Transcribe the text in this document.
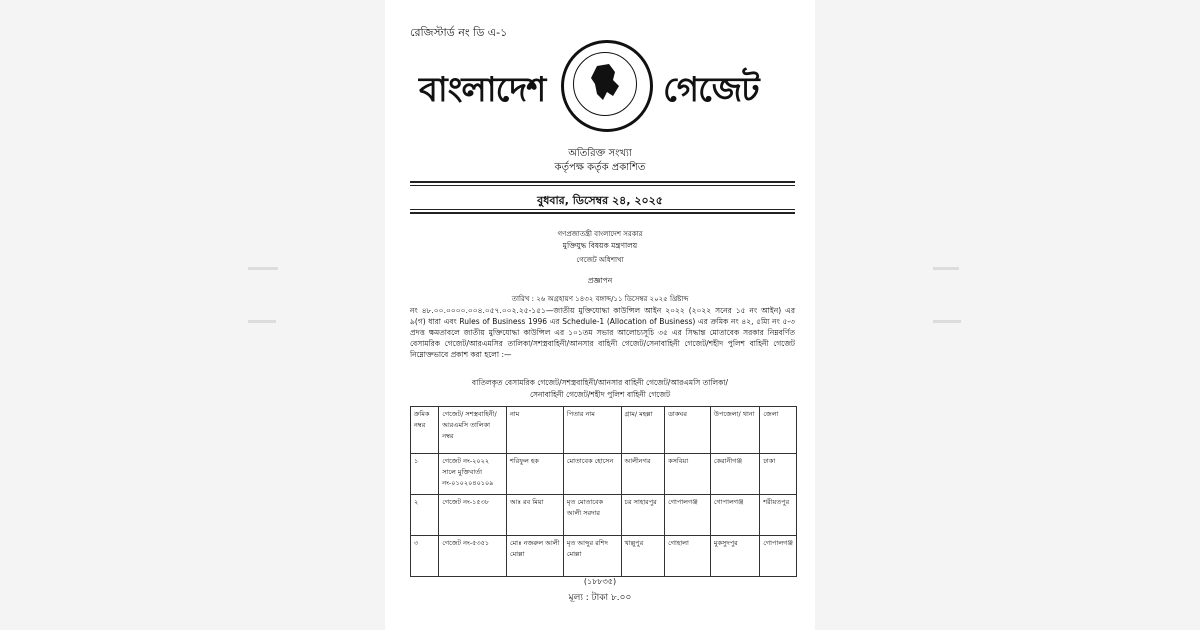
রেজিস্টার্ড নং ডি এ-১
বাংলাদেশ	গেজেট
অতিরিক্ত সংখ্যা
কর্তৃপক্ষ কর্তৃক প্রকাশিত
বুধবার, ডিসেম্বর ২৪, ২০২৫
গণপ্রজাতন্ত্রী বাংলাদেশ সরকার
মুক্তিযুদ্ধ বিষয়ক মন্ত্রণালয়
গেজেট অধিশাখা
প্রজ্ঞাপন
তারিখ : ২৬ অগ্রহায়ণ ১৪৩২ বঙ্গাব্দ/১১ ডিসেম্বর ২০২৫ খ্রিষ্টাব্দ
নং ৪৮.০০.০০০০.০০৪.০৫৭.০০২.২৫-১৫১—জাতীয় মুক্তিযোদ্ধা কাউন্সিল আইন ২০২২ (২০২২ সনের ১৫ নং আইন) এর ৯(গ) ধারা এবং Rules of Business 1996 এর Schedule-1 (Allocation of Business) এর ক্রমিক নং ৪২, ৫ম্যি নং ৫-৩ প্রদত্ত ক্ষমতাবলে জাতীয় মুক্তিযোদ্ধা কাউন্সিল এর ১০১তম সভার আলোচ্যসূচি ৩৫ এর সিদ্ধান্ত মোতাবেক সরকার নিম্নবর্ণিত বেসামরিক গেজেট/আরএমসির তালিকা/সশস্ত্রবাহিনী/আনসার বাহিনী গেজেট/সেনাবাহিনী গেজেট/শহীদ পুলিশ বাহিনী গেজেট নিম্নোক্তভাবে প্রকাশ করা হলো :—
বাতিলকৃত বেসামরিক গেজেট/সশস্ত্রবাহিনী/আনসার বাহিনী গেজেট/আরএমসি তালিকা/
সেনাবাহিনী গেজেট/শহীদ পুলিশ বাহিনী গেজেট
ক্রমিক নম্বর	গেজেট/ সশস্ত্রবাহিনী/ আরএমসি তালিকা নম্বর	নাম	পিতার নাম	গ্রাম/ মহল্লা	ডাকঘর	উপজেলা/ থানা	জেলা
১	গেজেট নং-২০২২ সালে মুক্তিবার্তা নং-০১০২০৪০১০৯	শরিফুল হক	মোতাবেক হোসেন	আলীনগর	কসবিয়া	কেরানীগঞ্জ	ঢাকা
২	গেজেট নং-১৫৩৮	আঃ রব মিয়া	মৃত মোতাবেক আলী সরদার	চর সাহারপুর	গোপালগঞ্জ	গোপালগঞ্জ	শরীয়তপুর
৩	গেজেট নং-৫৩৫১	মোঃ নজরুল আলী মোল্লা	মৃত আব্দুর রশিদ মোল্লা	খাল্লুপুর	গোহালা	মুকসুদপুর	গোপালগঞ্জ
(১৮৮৩৫)
মূল্য : টাকা ৮.০০
